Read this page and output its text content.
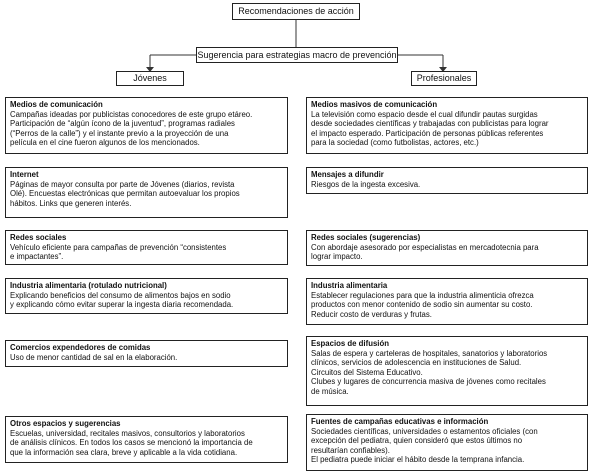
Recomendaciones de acción
Sugerencia para estrategias macro de prevención
Jóvenes	Profesionales
Medios de comunicación
Campañas ideadas por publicistas conocedores de este grupo etáreo.
Participación de “algún ícono de la juventud”, programas radiales
(“Perros de la calle”) y el instante previo a la proyección de una
película en el cine fueron algunos de los mencionados.
Internet
Páginas de mayor consulta por parte de Jóvenes (diarios, revista
Olé). Encuestas electrónicas que permitan autoevaluar los propios
hábitos. Links que generen interés.
Redes sociales
Vehículo eficiente para campañas de prevención “consistentes
e impactantes”.
Industria alimentaria (rotulado nutricional)
Explicando beneficios del consumo de alimentos bajos en sodio
y explicando cómo evitar superar la ingesta diaria recomendada.
Comercios expendedores de comidas
Uso de menor cantidad de sal en la elaboración.
Otros espacios y sugerencias
Escuelas, universidad, recitales masivos, consultorios y laboratorios
de análisis clínicos. En todos los casos se mencionó la importancia de
que la información sea clara, breve y aplicable a la vida cotidiana.
Medios masivos de comunicación
La televisión como espacio desde el cual difundir pautas surgidas
desde sociedades científicas y trabajadas con publicistas para lograr
el impacto esperado. Participación de personas públicas referentes
para la sociedad (como futbolistas, actores, etc.)
Mensajes a difundir
Riesgos de la ingesta excesiva.
Redes sociales (sugerencias)
Con abordaje asesorado por especialistas en mercadotecnia para
lograr impacto.
Industria alimentaria
Establecer regulaciones para que la industria alimenticia ofrezca
productos con menor contenido de sodio sin aumentar su costo.
Reducir costo de verduras y frutas.
Espacios de difusión
Salas de espera y carteleras de hospitales, sanatorios y laboratorios
clínicos, servicios de adolescencia en instituciones de Salud.
Circuitos del Sistema Educativo.
Clubes y lugares de concurrencia masiva de jóvenes como recitales
de música.
Fuentes de campañas educativas e información
Sociedades científicas, universidades o estamentos oficiales (con
excepción del pediatra, quien consideró que estos últimos no
resultarían confiables).
El pediatra puede iniciar el hábito desde la temprana infancia.
